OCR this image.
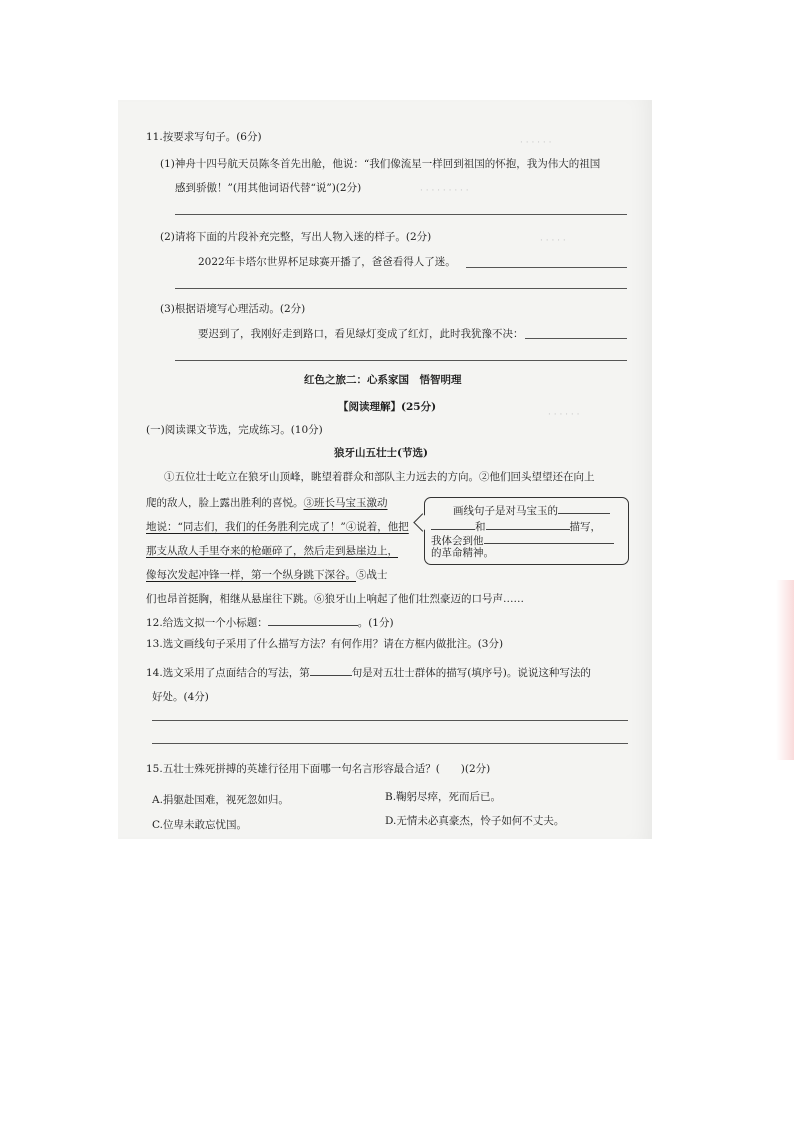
· · · · · ·
· · · · · · · · ·
· · · · ·
· · · · · ·
11.按要求写句子。(6分)
(1)神舟十四号航天员陈冬首先出舱，他说：“我们像流星一样回到祖国的怀抱，我为伟大的祖国
感到骄傲！”(用其他词语代替“说”)(2分)
(2)请将下面的片段补充完整，写出人物入迷的样子。(2分)
2022年卡塔尔世界杯足球赛开播了，爸爸看得人了迷。
(3)根据语境写心理活动。(2分)
要迟到了，我刚好走到路口，看见绿灯变成了红灯，此时我犹豫不决：
红色之旅二：心系家国　悟智明理
【阅读理解】(25分)
(一)阅读课文节选，完成练习。(10分)
狼牙山五壮士(节选)
①五位壮士屹立在狼牙山顶峰，眺望着群众和部队主力远去的方向。②他们回头望望还在向上
爬的敌人，脸上露出胜利的喜悦。③班长马宝玉激动
地说：“同志们，我们的任务胜利完成了！”④说着，他把
那支从敌人手里夺来的枪砸碎了，然后走到悬崖边上，
像每次发起冲锋一样，第一个纵身跳下深谷。⑤战士
们也昂首挺胸，相继从悬崖往下跳。⑥狼牙山上响起了他们壮烈豪迈的口号声……
画线句子是对马宝玉的
和	描写，
我体会到他
的革命精神。
12.给选文拟一个小标题：	。(1分)
13.选文画线句子采用了什么描写方法？有何作用？请在方框内做批注。(3分)
14.选文采用了点面结合的写法，第	句是对五壮士群体的描写(填序号)。说说这种写法的
好处。(4分)
15.五壮士殊死拼搏的英雄行径用下面哪一句名言形容最合适？(　　)(2分)
A.捐躯赴国难，视死忽如归。	B.鞠躬尽瘁，死而后已。
C.位卑未敢忘忧国。	D.无情未必真豪杰，怜子如何不丈夫。
